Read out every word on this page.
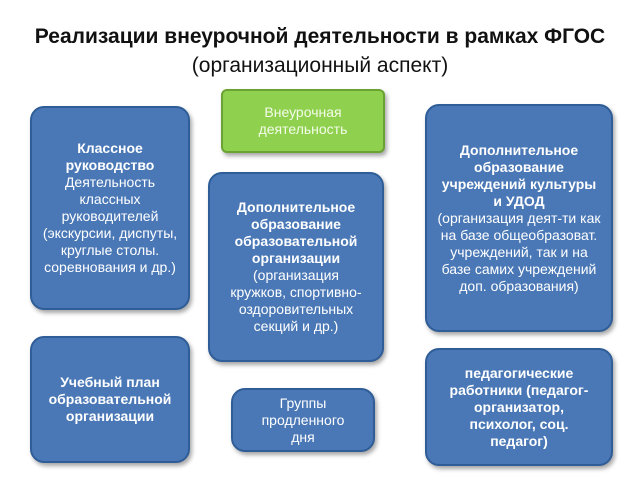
Реализации внеурочной деятельности в рамках ФГОС (организационный аспект)
Внеурочная деятельность
Классное руководство
Деятельность классных руководителей (экскурсии, диспуты, круглые столы. соревнования и др.)
Дополнительное образование образовательной организации
(организация кружков, спортивно-оздоровительных секций и др.)
Дополнительное образование учреждений культуры и УДОД
(организация деят-ти как на базе общеобразоват. учреждений, так и на базе самих учреждений доп. образования)
Учебный план образовательной организации
Группы продленного дня
педагогические работники (педагог-организатор, психолог, соц. педагог)
